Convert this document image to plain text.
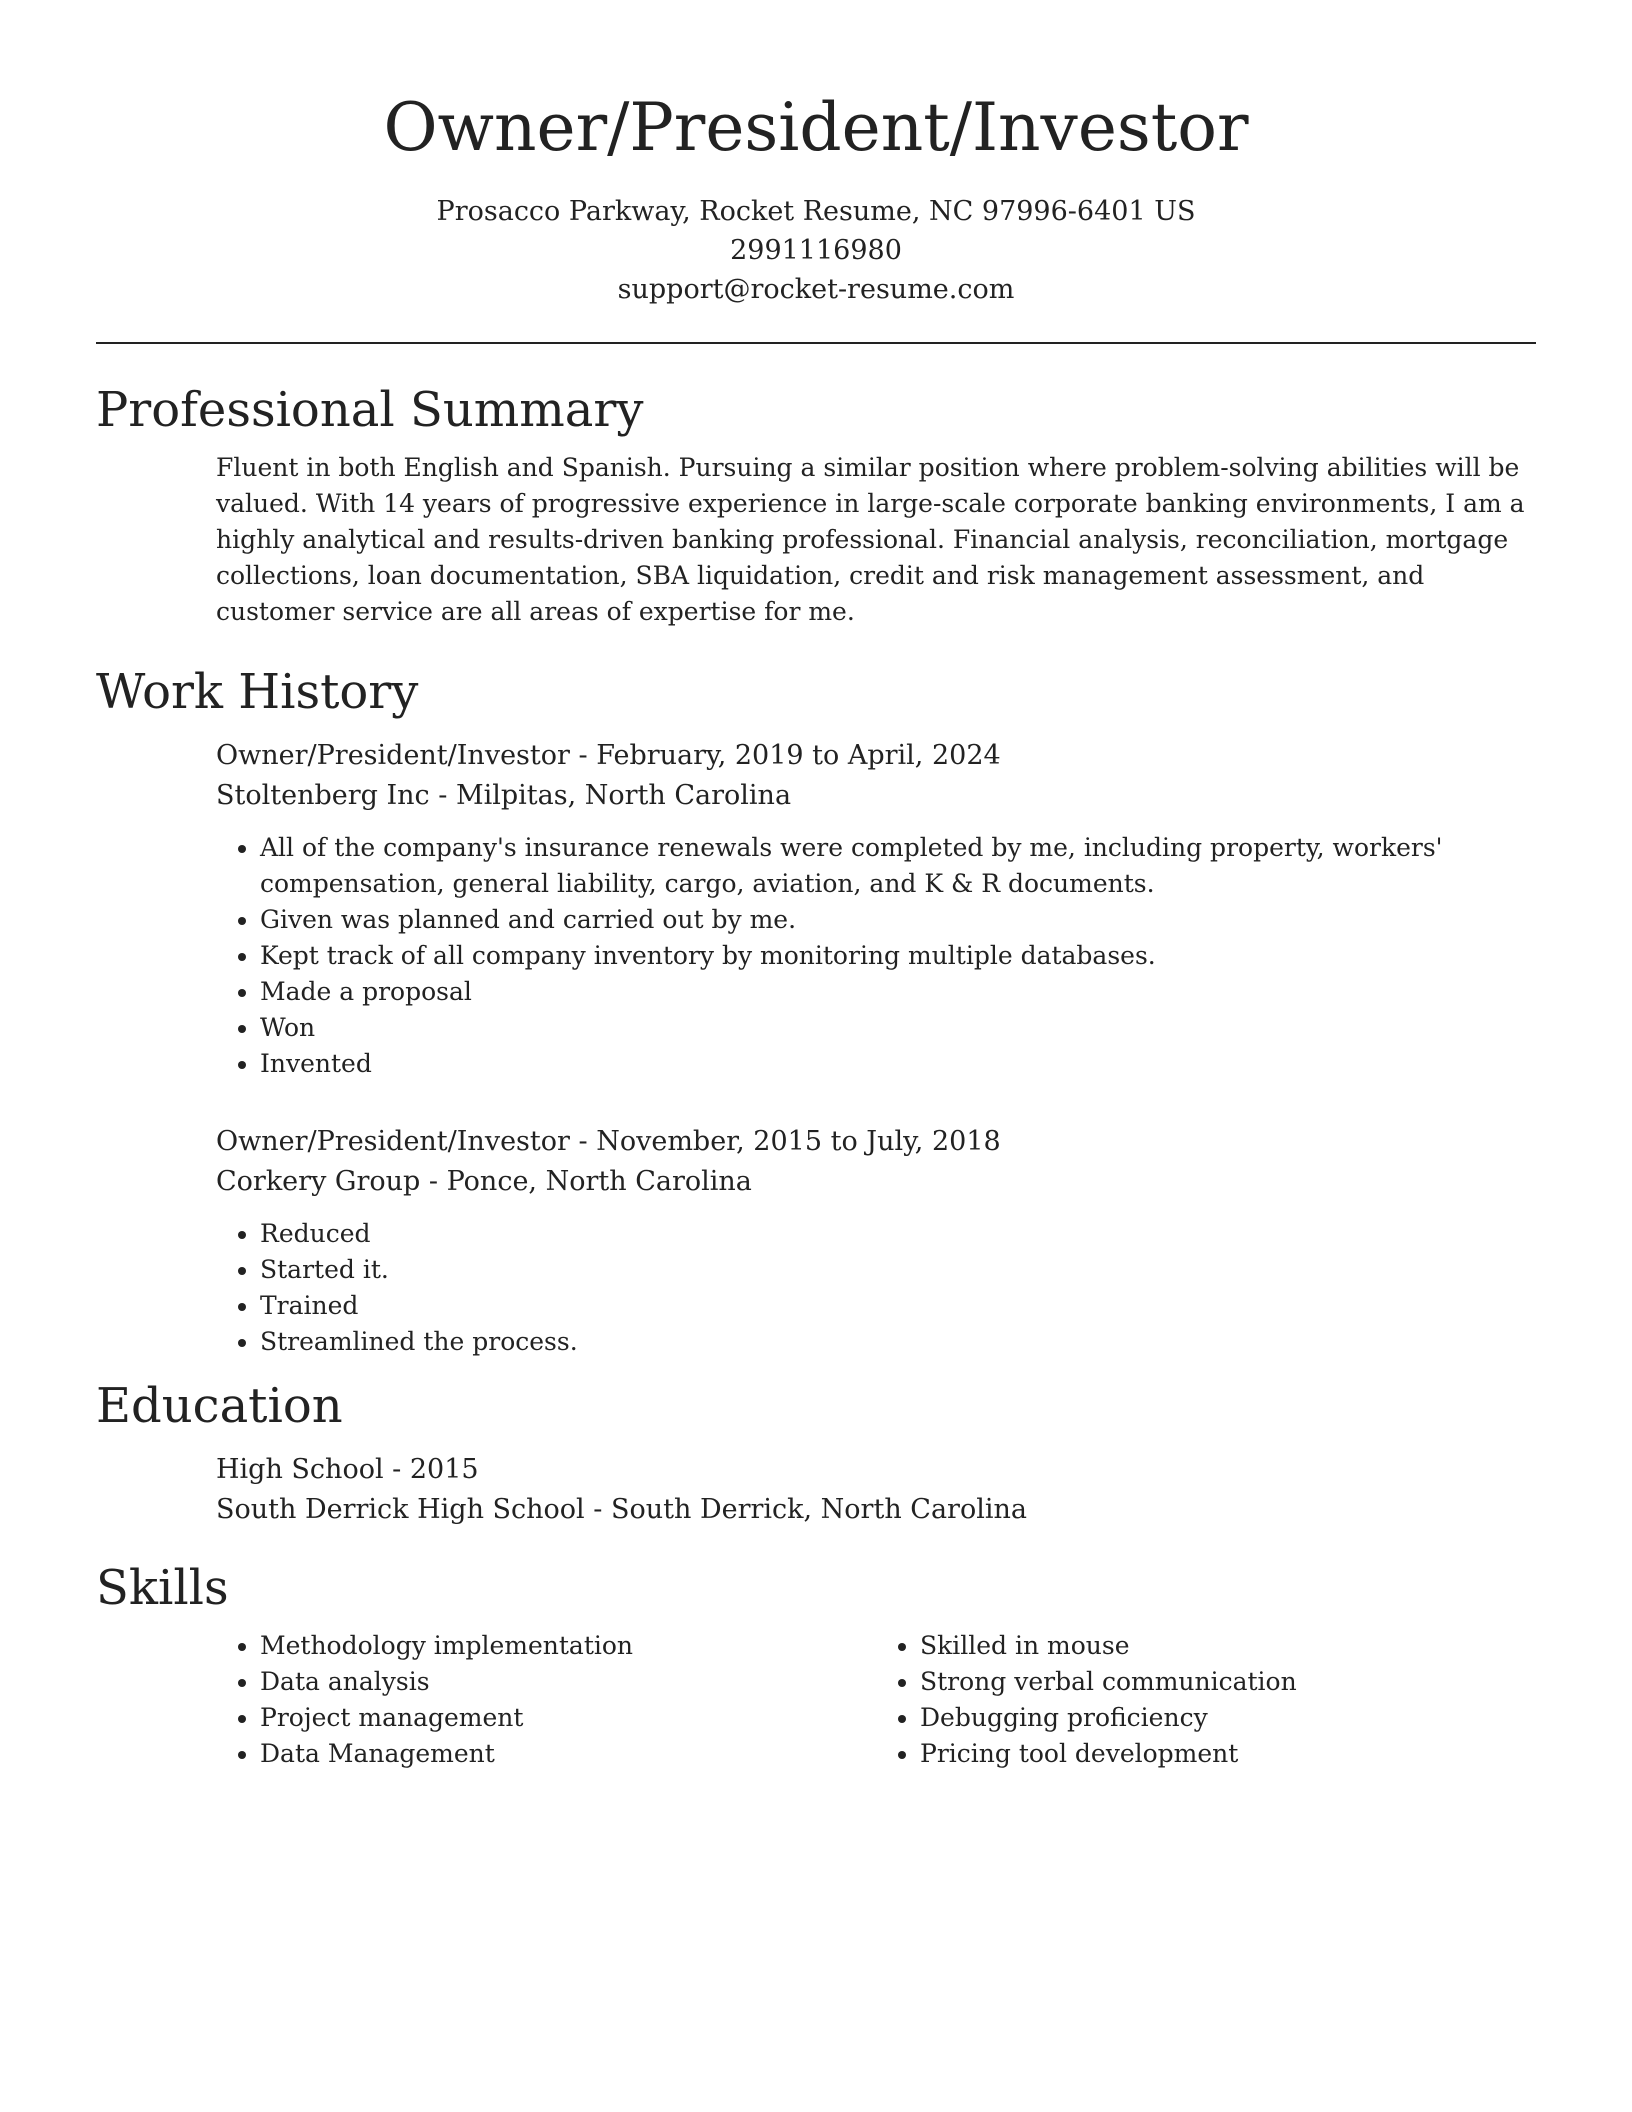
Owner/President/Investor
Prosacco Parkway, Rocket Resume, NC 97996-6401 US
2991116980
support@rocket-resume.com
Professional Summary

Fluent in both English and Spanish. Pursuing a similar position where problem-solving abilities will be valued. With 14 years of progressive experience in large-scale corporate banking environments, I am a highly analytical and results-driven banking professional. Financial analysis, reconciliation, mortgage collections, loan documentation, SBA liquidation, credit and risk management assessment, and customer service are all areas of expertise for me.

Work History
Owner/President/Investor - February, 2019 to April, 2024
Stoltenberg Inc - Milpitas, North Carolina
• All of the company's insurance renewals were completed by me, including property, workers' compensation, general liability, cargo, aviation, and K & R documents.
• Given was planned and carried out by me.
• Kept track of all company inventory by monitoring multiple databases.
• Made a proposal
• Won
• Invented
Owner/President/Investor - November, 2015 to July, 2018
Corkery Group - Ponce, North Carolina
• Reduced
• Started it.
• Trained
• Streamlined the process.
Education
High School - 2015
South Derrick High School - South Derrick, North Carolina
Skills
• Methodology implementation
• Data analysis
• Project management
• Data Management
• Skilled in mouse
• Strong verbal communication
• Debugging proficiency
• Pricing tool development
